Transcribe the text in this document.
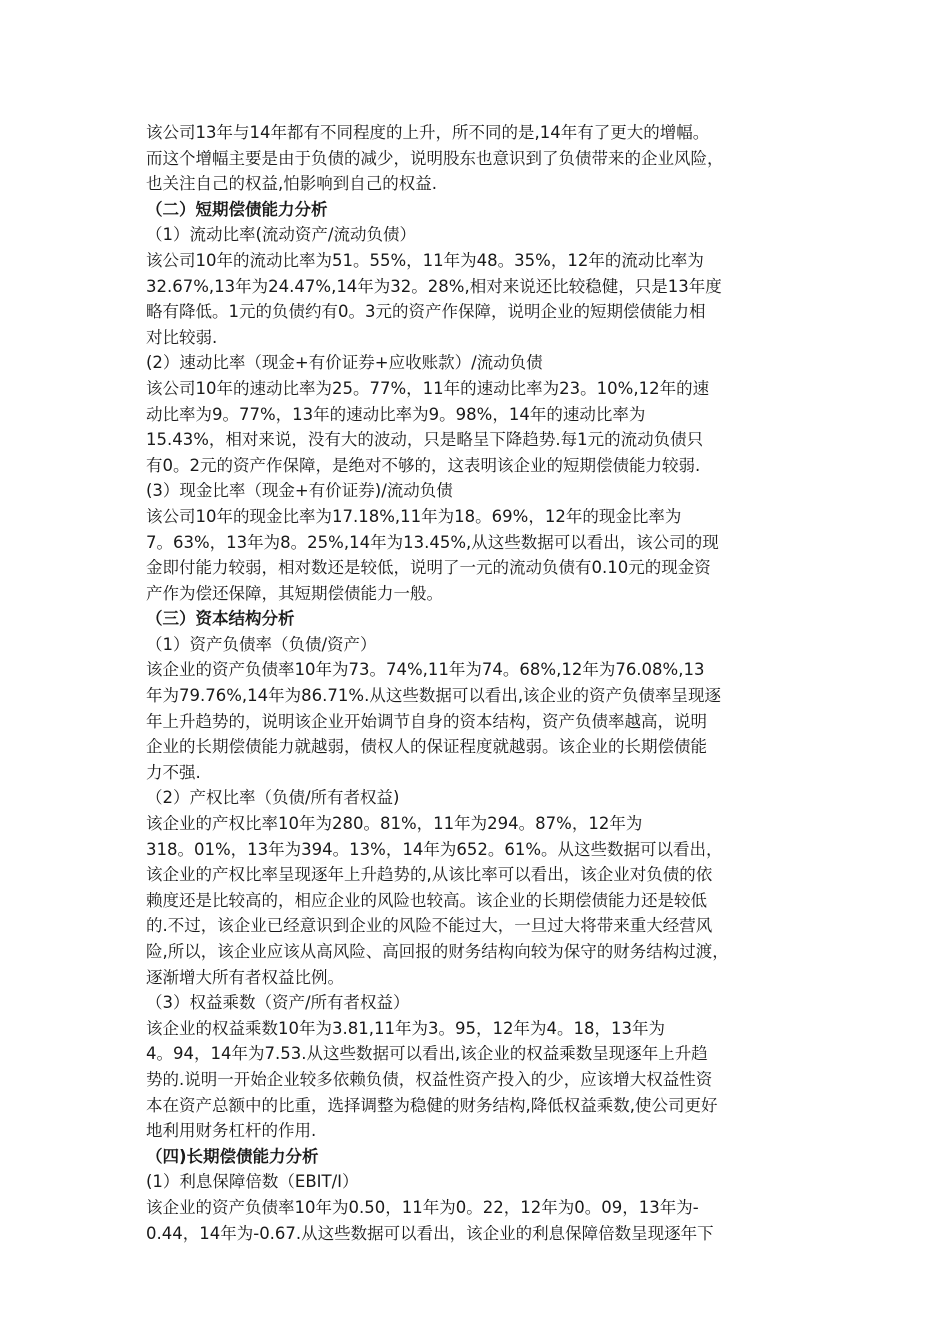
该公司13年与14年都有不同程度的上升，所不同的是,14年有了更大的增幅。
而这个增幅主要是由于负债的减少，说明股东也意识到了负债带来的企业风险，
也关注自己的权益,怕影响到自己的权益.
（二）短期偿债能力分析
（1）流动比率(流动资产/流动负债）
该公司10年的流动比率为51。55%，11年为48。35%，12年的流动比率为
32.67%,13年为24.47%,14年为32。28%,相对来说还比较稳健，只是13年度
略有降低。1元的负债约有0。3元的资产作保障，说明企业的短期偿债能力相
对比较弱.
(2）速动比率（现金+有价证券+应收账款）/流动负债
该公司10年的速动比率为25。77%，11年的速动比率为23。10%,12年的速
动比率为9。77%，13年的速动比率为9。98%，14年的速动比率为
15.43%，相对来说，没有大的波动，只是略呈下降趋势.每1元的流动负债只
有0。2元的资产作保障，是绝对不够的，这表明该企业的短期偿债能力较弱.
(3）现金比率（现金+有价证券)/流动负债
该公司10年的现金比率为17.18%,11年为18。69%，12年的现金比率为
7。63%，13年为8。25%,14年为13.45%,从这些数据可以看出，该公司的现
金即付能力较弱，相对数还是较低，说明了一元的流动负债有0.10元的现金资
产作为偿还保障，其短期偿债能力一般。
（三）资本结构分析
（1）资产负债率（负债/资产）
该企业的资产负债率10年为73。74%,11年为74。68%,12年为76.08%,13
年为79.76%,14年为86.71%.从这些数据可以看出,该企业的资产负债率呈现逐
年上升趋势的，说明该企业开始调节自身的资本结构，资产负债率越高，说明
企业的长期偿债能力就越弱，债权人的保证程度就越弱。该企业的长期偿债能
力不强.
（2）产权比率（负债/所有者权益)
该企业的产权比率10年为280。81%，11年为294。87%，12年为
318。01%，13年为394。13%，14年为652。61%。从这些数据可以看出，
该企业的产权比率呈现逐年上升趋势的,从该比率可以看出，该企业对负债的依
赖度还是比较高的，相应企业的风险也较高。该企业的长期偿债能力还是较低
的.不过，该企业已经意识到企业的风险不能过大，一旦过大将带来重大经营风
险,所以，该企业应该从高风险、高回报的财务结构向较为保守的财务结构过渡，
逐渐增大所有者权益比例。
（3）权益乘数（资产/所有者权益）
该企业的权益乘数10年为3.81,11年为3。95，12年为4。18，13年为
4。94，14年为7.53.从这些数据可以看出,该企业的权益乘数呈现逐年上升趋
势的.说明一开始企业较多依赖负债，权益性资产投入的少，应该增大权益性资
本在资产总额中的比重，选择调整为稳健的财务结构,降低权益乘数,使公司更好
地利用财务杠杆的作用.
（四)长期偿债能力分析
(1）利息保障倍数（EBIT/I）
该企业的资产负债率10年为0.50，11年为0。22，12年为0。09，13年为-
0.44，14年为-0.67.从这些数据可以看出，该企业的利息保障倍数呈现逐年下
